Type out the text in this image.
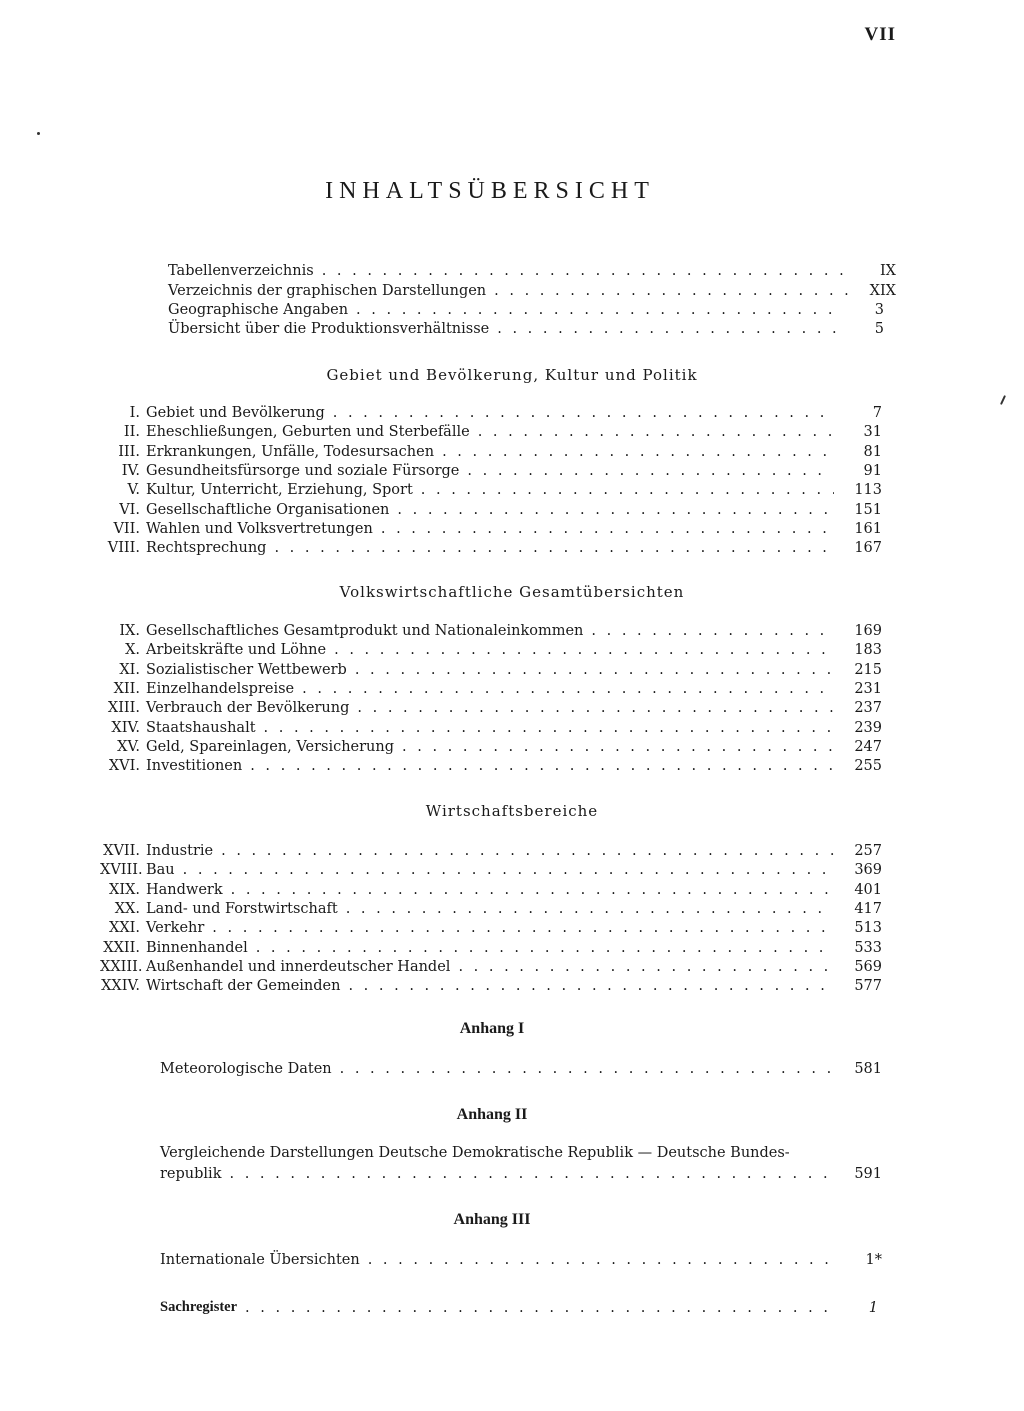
VII
INHALTSÜBERSICHT
Tabellenverzeichnis . . .	IX
Verzeichnis der graphischen Darstellungen . . .	XIX
Geographische Angaben . . .	3
Übersicht über die Produktionsverhältnisse . . .	5
Gebiet und Bevölkerung, Kultur und Politik
I. Gebiet und Bevölkerung . . .	7
II. Eheschließungen, Geburten und Sterbefälle . . .	31
III. Erkrankungen, Unfälle, Todesursachen . . .	81
IV. Gesundheitsfürsorge und soziale Fürsorge . . .	91
V. Kultur, Unterricht, Erziehung, Sport . . .	113
VI. Gesellschaftliche Organisationen . . .	151
VII. Wahlen und Volksvertretungen . . .	161
VIII. Rechtsprechung . . .	167
Volkswirtschaftliche Gesamtübersichten
IX. Gesellschaftliches Gesamtprodukt und Nationaleinkommen . . .	169
X. Arbeitskräfte und Löhne . . .	183
XI. Sozialistischer Wettbewerb . . .	215
XII. Einzelhandelspreise . . .	231
XIII. Verbrauch der Bevölkerung . . .	237
XIV. Staatshaushalt . . .	239
XV. Geld, Spareinlagen, Versicherung . . .	247
XVI. Investitionen . . .	255
Wirtschaftsbereiche
XVII. Industrie . . .	257
XVIII. Bau . . .	369
XIX. Handwerk . . .	401
XX. Land- und Forstwirtschaft . . .	417
XXI. Verkehr . . .	513
XXII. Binnenhandel . . .	533
XXIII. Außenhandel und innerdeutscher Handel . . .	569
XXIV. Wirtschaft der Gemeinden . . .	577
Anhang I
Meteorologische Daten . . .	581
Anhang II
Vergleichende Darstellungen Deutsche Demokratische Republik — Deutsche Bundes-
republik . . .	591
Anhang III
Internationale Übersichten . . .	1*
Sachregister . . .	1
